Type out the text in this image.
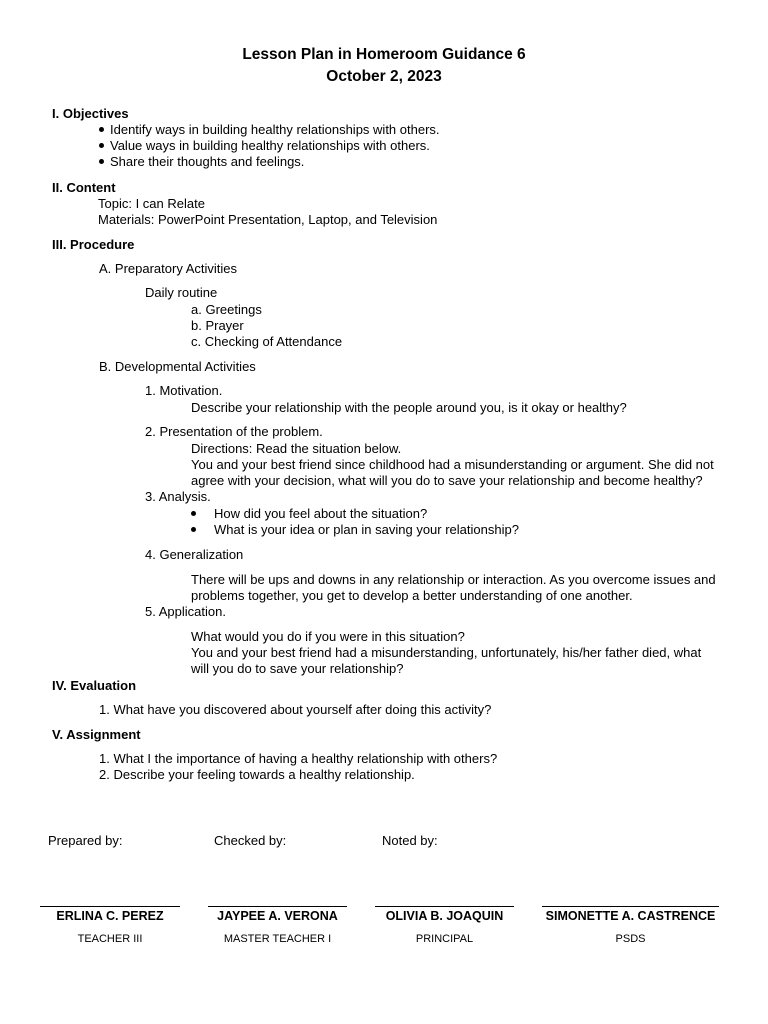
Lesson Plan in Homeroom Guidance 6
October 2, 2023
I. Objectives
Identify ways in building healthy relationships with others.
Value ways in building healthy relationships with others.
Share their thoughts and feelings.
II. Content
Topic: I can Relate
Materials: PowerPoint Presentation, Laptop, and Television
III. Procedure
A. Preparatory Activities
Daily routine
a. Greetings
b. Prayer
c. Checking of Attendance
B. Developmental Activities
1. Motivation.
Describe your relationship with the people around you, is it okay or healthy?
2. Presentation of the problem.
Directions: Read the situation below.
You and your best friend since childhood had a misunderstanding or argument. She did not
agree with your decision, what will you do to save your relationship and become healthy?
3. Analysis.
How did you feel about the situation?
What is your idea or plan in saving your relationship?
4. Generalization
There will be ups and downs in any relationship or interaction. As you overcome issues and
problems together, you get to develop a better understanding of one another.
5. Application.
What would you do if you were in this situation?
You and your best friend had a misunderstanding, unfortunately, his/her father died, what
will you do to save your relationship?
IV. Evaluation
1. What have you discovered about yourself after doing this activity?
V. Assignment
1. What I the importance of having a healthy relationship with others?
2. Describe your feeling towards a healthy relationship.
Prepared by:	Checked by:	Noted by:
ERLINA C. PEREZ	JAYPEE A. VERONA	OLIVIA B. JOAQUIN	SIMONETTE A. CASTRENCE
TEACHER III	MASTER TEACHER I	PRINCIPAL	PSDS
